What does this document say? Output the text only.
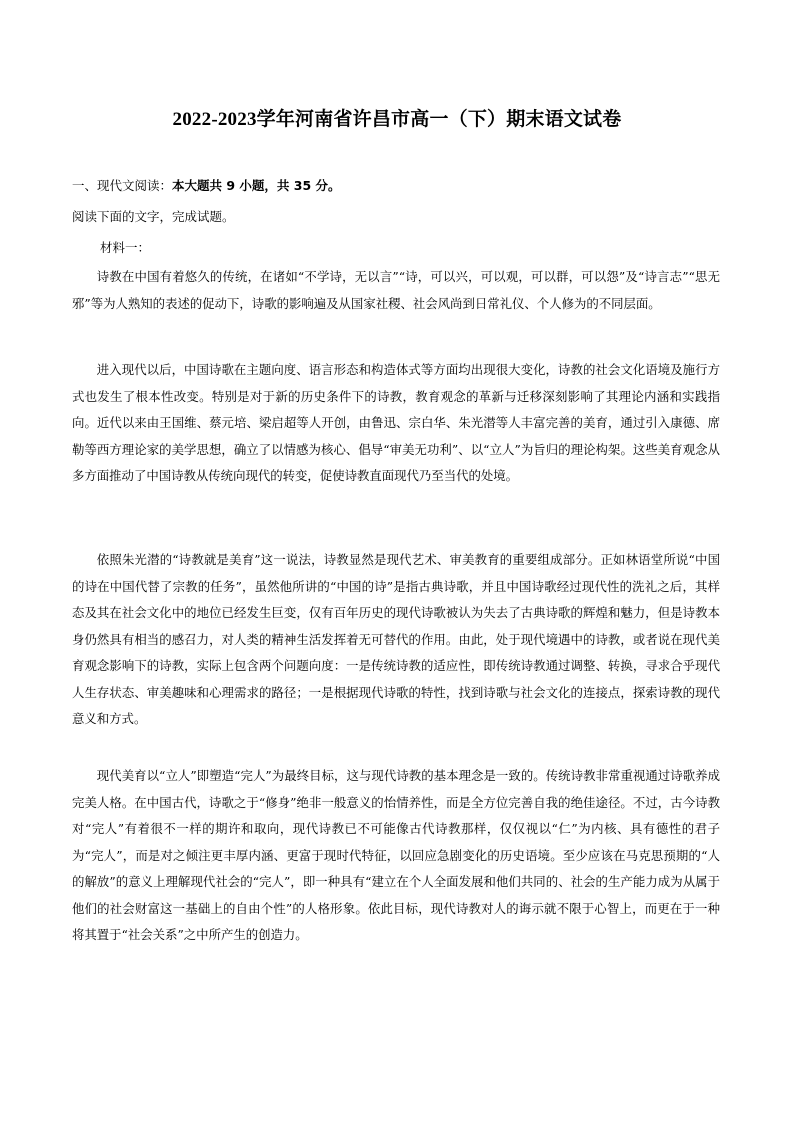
2022-2023学年河南省许昌市高一（下）期末语文试卷
一、现代文阅读：本大题共 9 小题，共 35 分。
阅读下面的文字，完成试题。
材料一：

诗教在中国有着悠久的传统，在诸如“不学诗，无以言”“诗，可以兴，可以观，可以群，可以怨”及“诗言志”“思无邪”等为人熟知的表述的促动下，诗歌的影响遍及从国家社稷、社会风尚到日常礼仪、个人修为的不同层面。

进入现代以后，中国诗歌在主题向度、语言形态和构造体式等方面均出现很大变化，诗教的社会文化语境及施行方式也发生了根本性改变。特别是对于新的历史条件下的诗教，教育观念的革新与迁移深刻影响了其理论内涵和实践指向。近代以来由王国维、蔡元培、梁启超等人开创，由鲁迅、宗白华、朱光潜等人丰富完善的美育，通过引入康德、席勒等西方理论家的美学思想，确立了以情感为核心、倡导“审美无功利”、以“立人”为旨归的理论构架。这些美育观念从多方面推动了中国诗教从传统向现代的转变，促使诗教直面现代乃至当代的处境。

依照朱光潜的“诗教就是美育”这一说法，诗教显然是现代艺术、审美教育的重要组成部分。正如林语堂所说“中国的诗在中国代替了宗教的任务”，虽然他所讲的“中国的诗”是指古典诗歌，并且中国诗歌经过现代性的洗礼之后，其样态及其在社会文化中的地位已经发生巨变，仅有百年历史的现代诗歌被认为失去了古典诗歌的辉煌和魅力，但是诗教本身仍然具有相当的感召力，对人类的精神生活发挥着无可替代的作用。由此，处于现代境遇中的诗教，或者说在现代美育观念影响下的诗教，实际上包含两个问题向度：一是传统诗教的适应性，即传统诗教通过调整、转换，寻求合乎现代人生存状态、审美趣味和心理需求的路径；一是根据现代诗歌的特性，找到诗歌与社会文化的连接点，探索诗教的现代意义和方式。

现代美育以“立人”即塑造“完人”为最终目标，这与现代诗教的基本理念是一致的。传统诗教非常重视通过诗歌养成完美人格。在中国古代，诗歌之于“修身”绝非一般意义的怡情养性，而是全方位完善自我的绝佳途径。不过，古今诗教对“完人”有着很不一样的期许和取向，现代诗教已不可能像古代诗教那样，仅仅视以“仁”为内核、具有德性的君子为“完人”，而是对之倾注更丰厚内涵、更富于现时代特征，以回应急剧变化的历史语境。至少应该在马克思预期的“人的解放”的意义上理解现代社会的“完人”，即一种具有“建立在个人全面发展和他们共同的、社会的生产能力成为从属于他们的社会财富这一基础上的自由个性”的人格形象。依此目标，现代诗教对人的诲示就不限于心智上，而更在于一种将其置于“社会关系”之中所产生的创造力。
